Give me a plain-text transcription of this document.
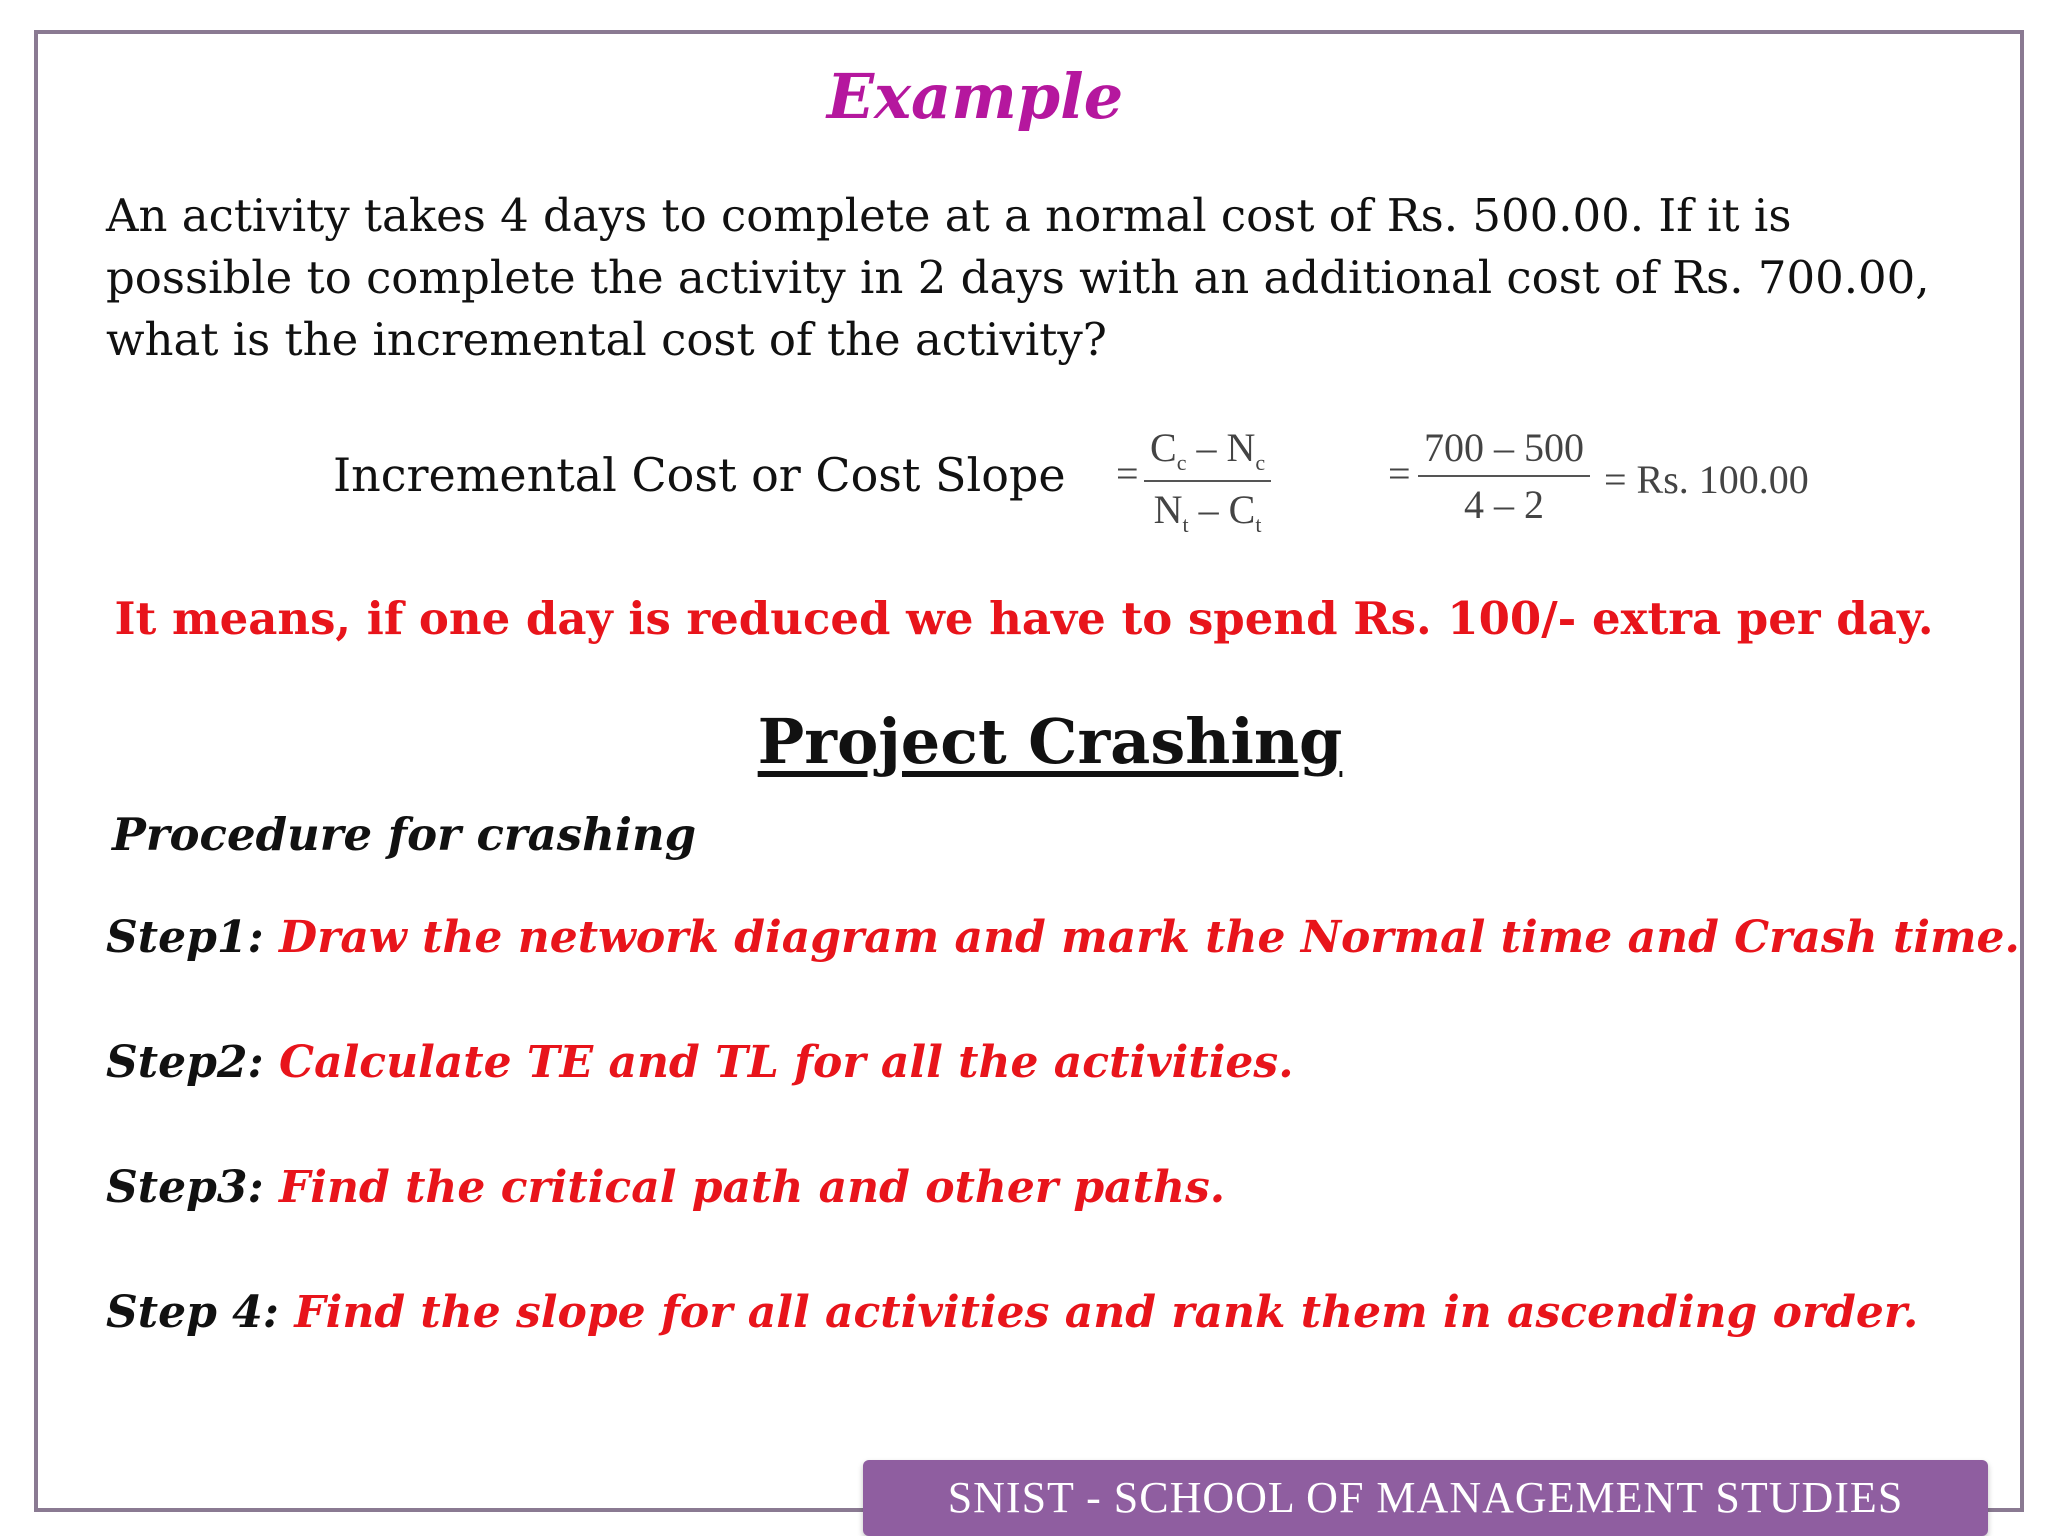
Example
An activity takes 4 days to complete at a normal cost of Rs. 500.00. If it is possible to complete the activity in 2 days with an additional cost of Rs. 700.00, what is the incremental cost of the activity?
Incremental Cost or Cost Slope = $\frac{C_c - N_c}{N_t - C_t}$	= $\frac{700 - 500}{4 - 2} = Rs$. 100.00
It means, if one day is reduced we have to spend Rs. 100/- extra per day.
Project Crashing
Procedure for crashing
Step1: Draw the network diagram and mark the Normal time and Crash time.
Step2: Calculate TE and TL for all the activities.
Step3: Find the critical path and other paths.
Step 4: Find the slope for all activities and rank them in ascending order.
SNIST - SCHOOL OF MANAGEMENT STUDIES
